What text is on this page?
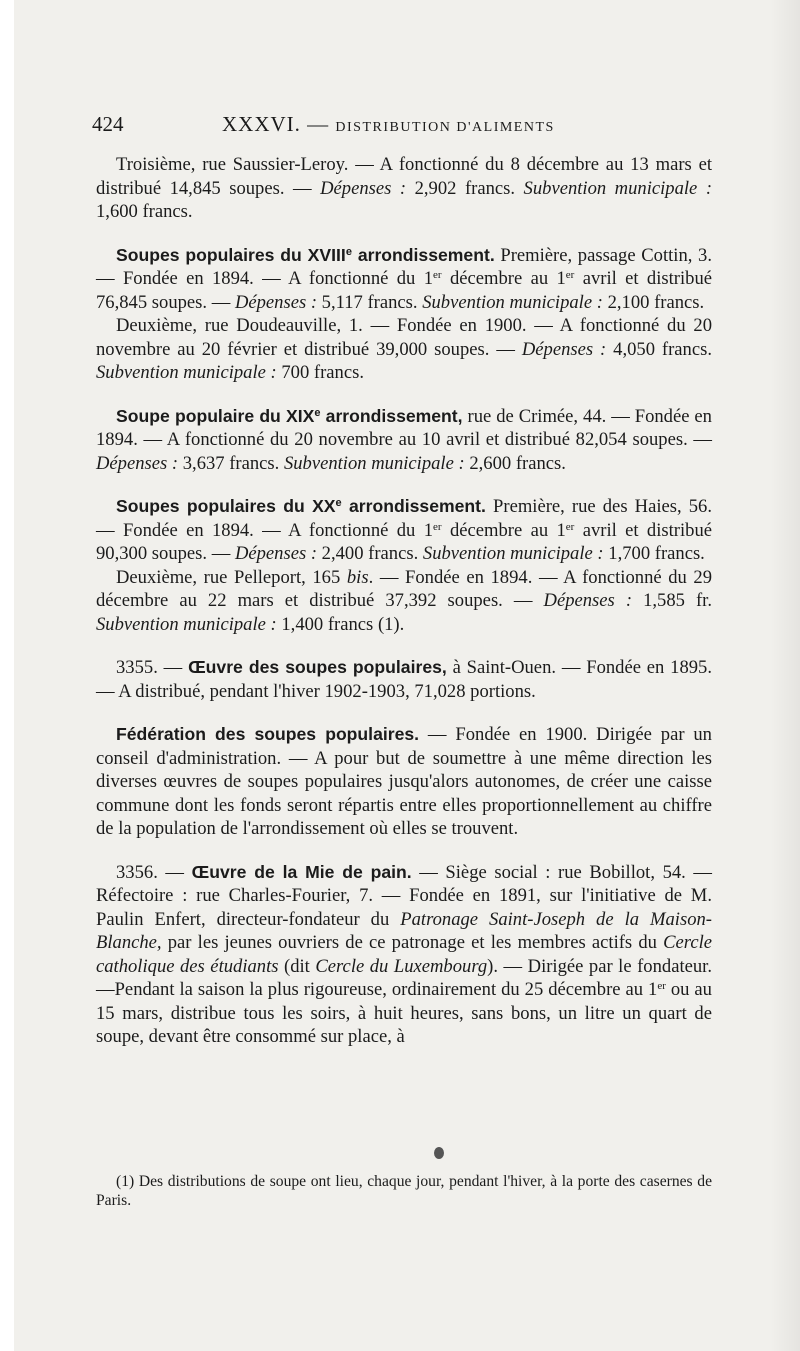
424	XXXVI. — DISTRIBUTION D'ALIMENTS

Troisième, rue Saussier-Leroy. — A fonctionné du 8 décembre au 13 mars et distribué 14,845 soupes. — Dépenses : 2,902 francs. Subvention municipale : 1,600 francs.

Soupes populaires du XVIIIe arrondissement. Première, passage Cottin, 3. — Fondée en 1894. — A fonctionné du 1er décembre au 1er avril et distribué 76,845 soupes. — Dépenses : 5,117 francs. Subvention municipale : 2,100 francs.

Deuxième, rue Doudeauville, 1. — Fondée en 1900. — A fonctionné du 20 novembre au 20 février et distribué 39,000 soupes. — Dépenses : 4,050 francs. Subvention municipale : 700 francs.

Soupe populaire du XIXe arrondissement, rue de Crimée, 44. — Fondée en 1894. — A fonctionné du 20 novembre au 10 avril et distribué 82,054 soupes. — Dépenses : 3,637 francs. Subvention municipale : 2,600 francs.

Soupes populaires du XXe arrondissement. Première, rue des Haies, 56. — Fondée en 1894. — A fonctionné du 1er décembre au 1er avril et distribué 90,300 soupes. — Dépenses : 2,400 francs. Subvention municipale : 1,700 francs.

Deuxième, rue Pelleport, 165 bis. — Fondée en 1894. — A fonctionné du 29 décembre au 22 mars et distribué 37,392 soupes. — Dépenses : 1,585 fr. Subvention municipale : 1,400 francs (1).

3355. — Œuvre des soupes populaires, à Saint-Ouen. — Fondée en 1895. — A distribué, pendant l'hiver 1902-1903, 71,028 portions.

Fédération des soupes populaires. — Fondée en 1900. Dirigée par un conseil d'administration. — A pour but de soumettre à une même direction les diverses œuvres de soupes populaires jusqu'alors autonomes, de créer une caisse commune dont les fonds seront répartis entre elles proportionnellement au chiffre de la population de l'arrondissement où elles se trouvent.

3356. — Œuvre de la Mie de pain. — Siège social : rue Bobillot, 54. — Réfectoire : rue Charles-Fourier, 7. — Fondée en 1891, sur l'initiative de M. Paulin Enfert, directeur-fondateur du Patronage Saint-Joseph de la Maison-Blanche, par les jeunes ouvriers de ce patronage et les membres actifs du Cercle catholique des étudiants (dit Cercle du Luxembourg). — Dirigée par le fondateur. —Pendant la saison la plus rigoureuse, ordinairement du 25 décembre au 1er ou au 15 mars, distribue tous les soirs, à huit heures, sans bons, un litre un quart de soupe, devant être consommé sur place, à

(1) Des distributions de soupe ont lieu, chaque jour, pendant l'hiver, à la porte des casernes de Paris.
